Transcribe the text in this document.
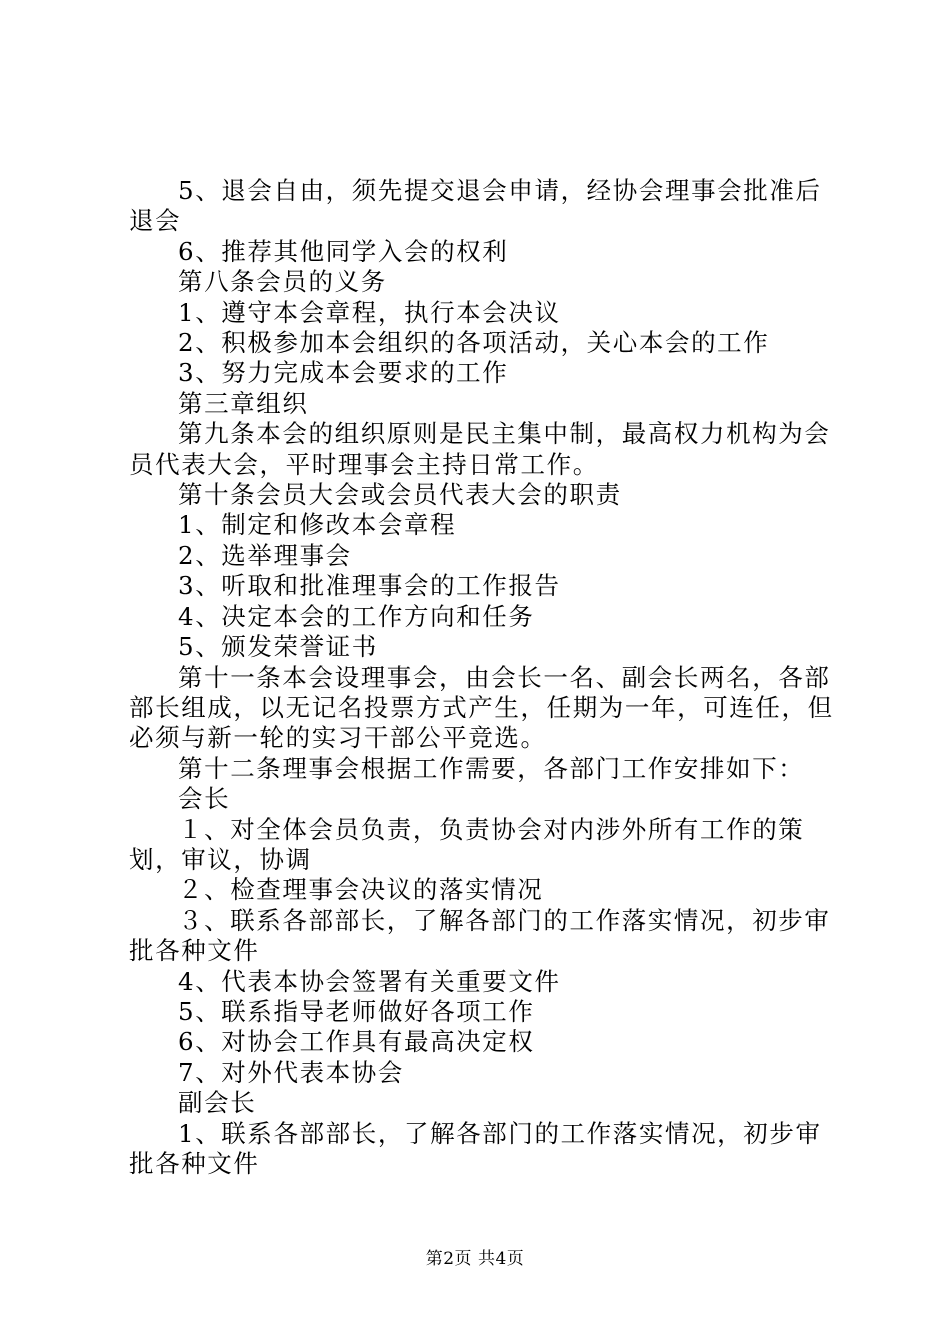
5、退会自由，须先提交退会申请，经协会理事会批准后退会

6、推荐其他同学入会的权利

第八条会员的义务

1、遵守本会章程，执行本会决议

2、积极参加本会组织的各项活动，关心本会的工作

3、努力完成本会要求的工作

第三章组织

第九条本会的组织原则是民主集中制，最高权力机构为会员代表大会，平时理事会主持日常工作。

第十条会员大会或会员代表大会的职责

1、制定和修改本会章程

2、选举理事会

3、听取和批准理事会的工作报告

4、决定本会的工作方向和任务

5、颁发荣誉证书

第十一条本会设理事会，由会长一名、副会长两名，各部部长组成，以无记名投票方式产生，任期为一年，可连任，但必须与新一轮的实习干部公平竞选。

第十二条理事会根据工作需要，各部门工作安排如下：

会长

１、对全体会员负责，负责协会对内涉外所有工作的策划，审议，协调

２、检查理事会决议的落实情况

３、联系各部部长，了解各部门的工作落实情况，初步审批各种文件

4、代表本协会签署有关重要文件

5、联系指导老师做好各项工作

6、对协会工作具有最高决定权

7、对外代表本协会

副会长

1、联系各部部长，了解各部门的工作落实情况，初步审批各种文件

第2页 共4页
